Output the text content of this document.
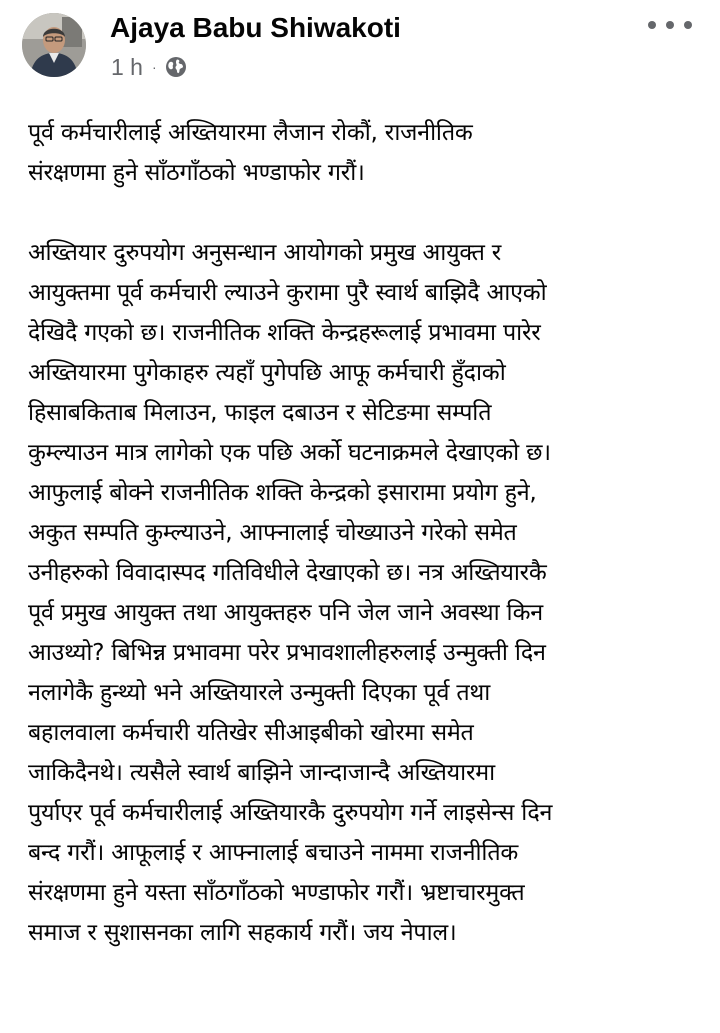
Ajaya Babu Shiwakoti
1 h ·

पूर्व कर्मचारीलाई अख्तियारमा लैजान रोकौं, राजनीतिक
संरक्षणमा हुने साँठगाँठको भण्डाफोर गरौं।

अख्तियार दुरुपयोग अनुसन्धान आयोगको प्रमुख आयुक्त र
आयुक्तमा पूर्व कर्मचारी ल्याउने कुरामा पुरै स्वार्थ बाझिदै आएको
देखिदै गएको छ। राजनीतिक शक्ति केन्द्रहरूलाई प्रभावमा पारेर
अख्तियारमा पुगेकाहरु त्यहाँ पुगेपछि आफू कर्मचारी हुँदाको
हिसाबकिताब मिलाउन, फाइल दबाउन र सेटिङमा सम्पति
कुम्ल्याउन मात्र लागेको एक पछि अर्को घटनाक्रमले देखाएको छ।
आफुलाई बोक्ने राजनीतिक शक्ति केन्द्रको इसारामा प्रयोग हुने,
अकुत सम्पति कुम्ल्याउने, आफ्नालाई चोख्याउने गरेको समेत
उनीहरुको विवादास्पद गतिविधीले देखाएको छ। नत्र अख्तियारकै
पूर्व प्रमुख आयुक्त तथा आयुक्तहरु पनि जेल जाने अवस्था किन
आउथ्यो? बिभिन्न प्रभावमा परेर प्रभावशालीहरुलाई उन्मुक्ती दिन
नलागेकै हुन्थ्यो भने अख्तियारले उन्मुक्ती दिएका पूर्व तथा
बहालवाला कर्मचारी यतिखेर सीआइबीको खोरमा समेत
जाकिदैनथे। त्यसैले स्वार्थ बाझिने जान्दाजान्दै अख्तियारमा
पुर्याएर पूर्व कर्मचारीलाई अख्तियारकै दुरुपयोग गर्ने लाइसेन्स दिन
बन्द गरौं। आफूलाई र आफ्नालाई बचाउने नाममा राजनीतिक
संरक्षणमा हुने यस्ता साँठगाँठको भण्डाफोर गरौं। भ्रष्टाचारमुक्त
समाज र सुशासनका लागि सहकार्य गरौं। जय नेपाल।
